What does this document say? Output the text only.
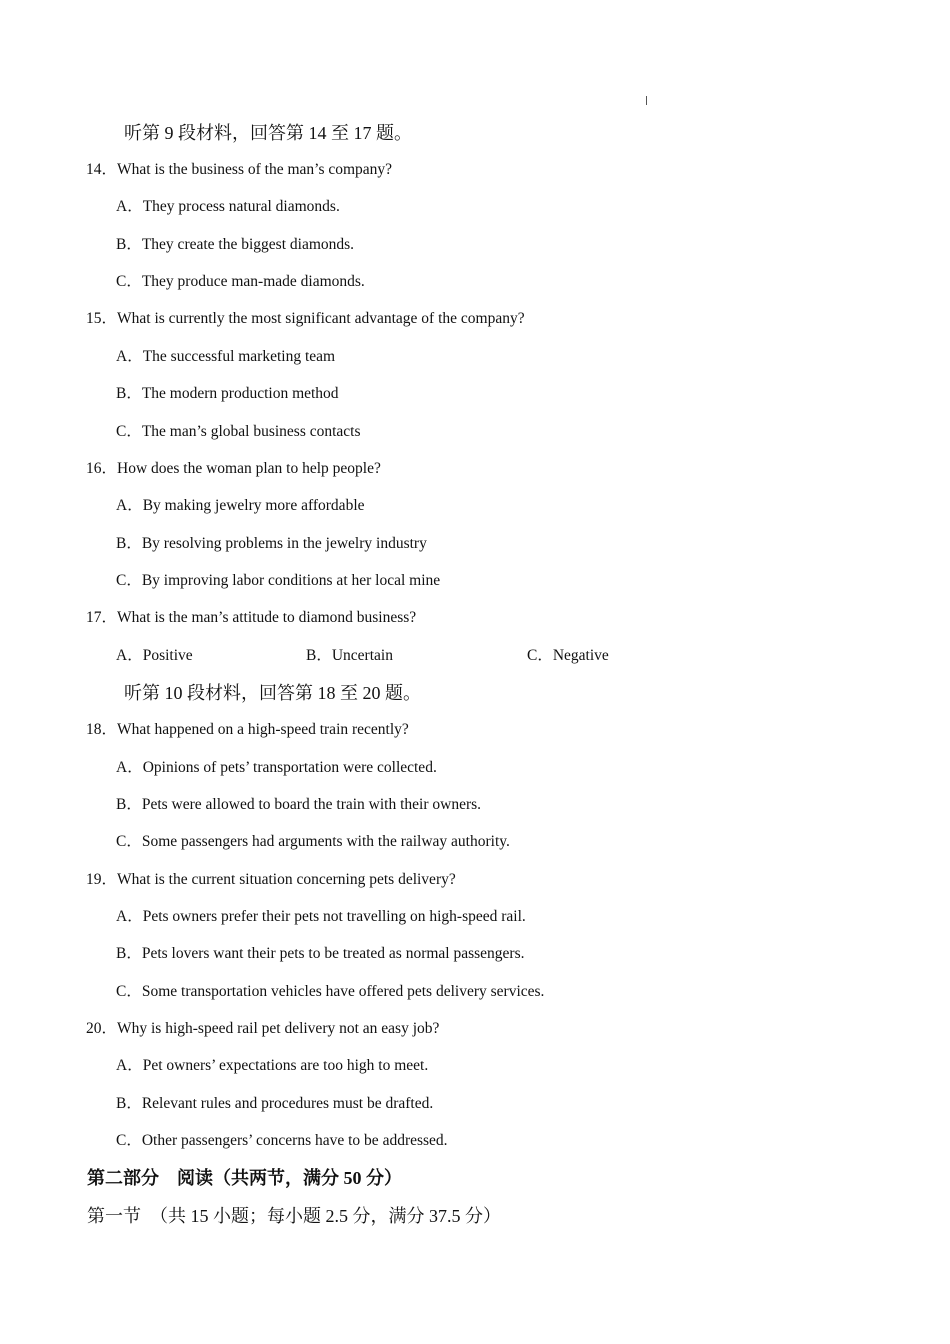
听第 9 段材料，回答第 14 至 17 题。
14．What is the business of the man’s company?
A．They process natural diamonds.
B．They create the biggest diamonds.
C．They produce man-made diamonds.
15．What is currently the most significant advantage of the company?
A．The successful marketing team
B．The modern production method
C．The man’s global business contacts
16．How does the woman plan to help people?
A．By making jewelry more affordable
B．By resolving problems in the jewelry industry
C．By improving labor conditions at her local mine
17．What is the man’s attitude to diamond business?
A．Positive	B．Uncertain	C．Negative
听第 10 段材料，回答第 18 至 20 题。
18．What happened on a high-speed train recently?
A．Opinions of pets’ transportation were collected.
B．Pets were allowed to board the train with their owners.
C．Some passengers had arguments with the railway authority.
19．What is the current situation concerning pets delivery?
A．Pets owners prefer their pets not travelling on high-speed rail.
B．Pets lovers want their pets to be treated as normal passengers.
C．Some transportation vehicles have offered pets delivery services.
20．Why is high-speed rail pet delivery not an easy job?
A．Pet owners’ expectations are too high to meet.
B．Relevant rules and procedures must be drafted.
C．Other passengers’ concerns have to be addressed.
第二部分　阅读（共两节，满分 50 分）
第一节　（共 15 小题；每小题 2.5 分，满分 37.5 分）
